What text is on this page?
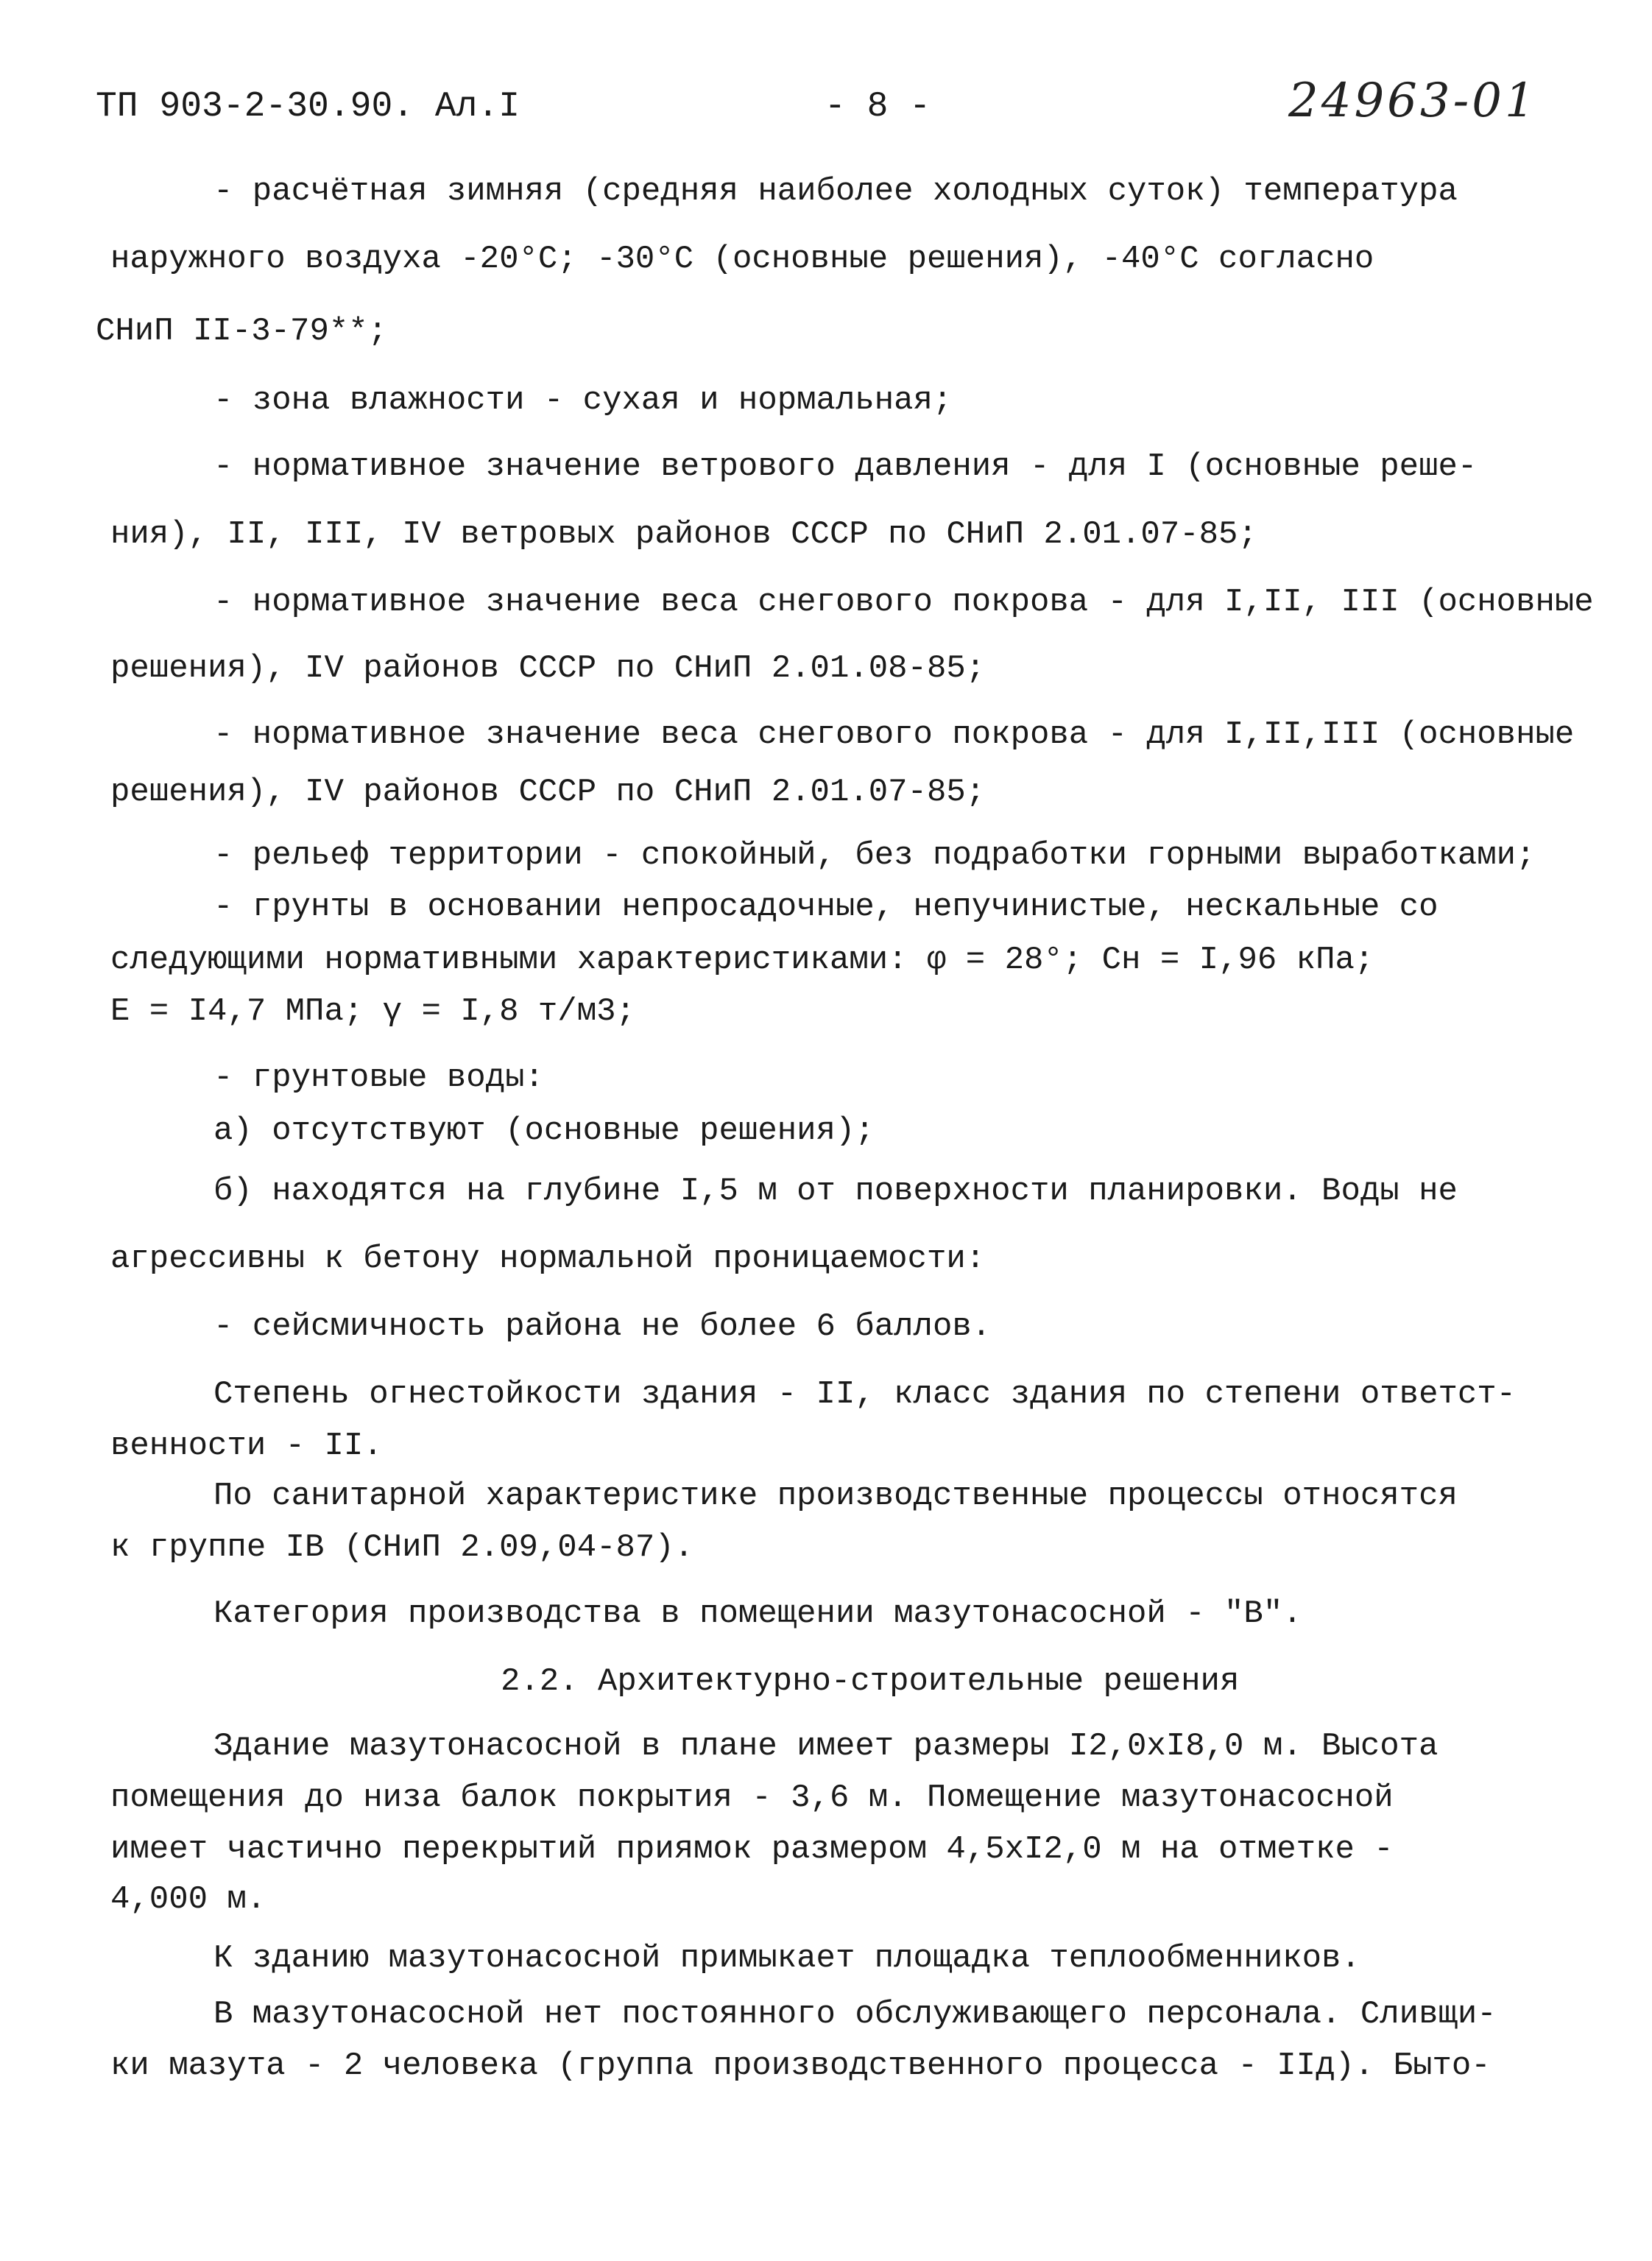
ТП 903-2-30.90. Ал.I	- 8 -	24963-01
- расчётная зимняя (средняя наиболее холодных суток) температура
наружного воздуха -20°С; -30°С (основные решения), -40°С согласно
СНиП II-3-79**;
- зона влажности - сухая и нормальная;
- нормативное значение ветрового давления - для I (основные реше-
ния), II, III, IV ветровых районов СССР по СНиП 2.01.07-85;
- нормативное значение веса снегового покрова - для I,II, III (основные
решения), IV районов СССР по СНиП 2.01.08-85;
- нормативное значение веса снегового покрова - для I,II,III (основные
решения), IV районов СССР по СНиП 2.01.07-85;
- рельеф территории - спокойный, без подработки горными выработками;
- грунты в основании непросадочные, непучинистые, нескальные со
следующими нормативными характеристиками: φ = 28°; Сн = I,96 кПа;
Е = I4,7 МПа; γ = I,8 т/м3;
- грунтовые воды:
а) отсутствуют (основные решения);
б) находятся на глубине I,5 м от поверхности планировки. Воды не
агрессивны к бетону нормальной проницаемости:
- сейсмичность района не более 6 баллов.
Степень огнестойкости здания - II, класс здания по степени ответст-
венности - II.
По санитарной характеристике производственные процессы относятся
к группе IВ (СНиП 2.09,04-87).
Категория производства в помещении мазутонасосной - "В".
2.2. Архитектурно-строительные решения
Здание мазутонасосной в плане имеет размеры I2,0хI8,0 м. Высота
помещения до низа балок покрытия - 3,6 м. Помещение мазутонасосной
имеет частично перекрытий приямок размером 4,5хI2,0 м на отметке -
4,000 м.
К зданию мазутонасосной примыкает площадка теплообменников.
В мазутонасосной нет постоянного обслуживающего персонала. Сливщи-
ки мазута - 2 человека (группа производственного процесса - IIд). Быто-
